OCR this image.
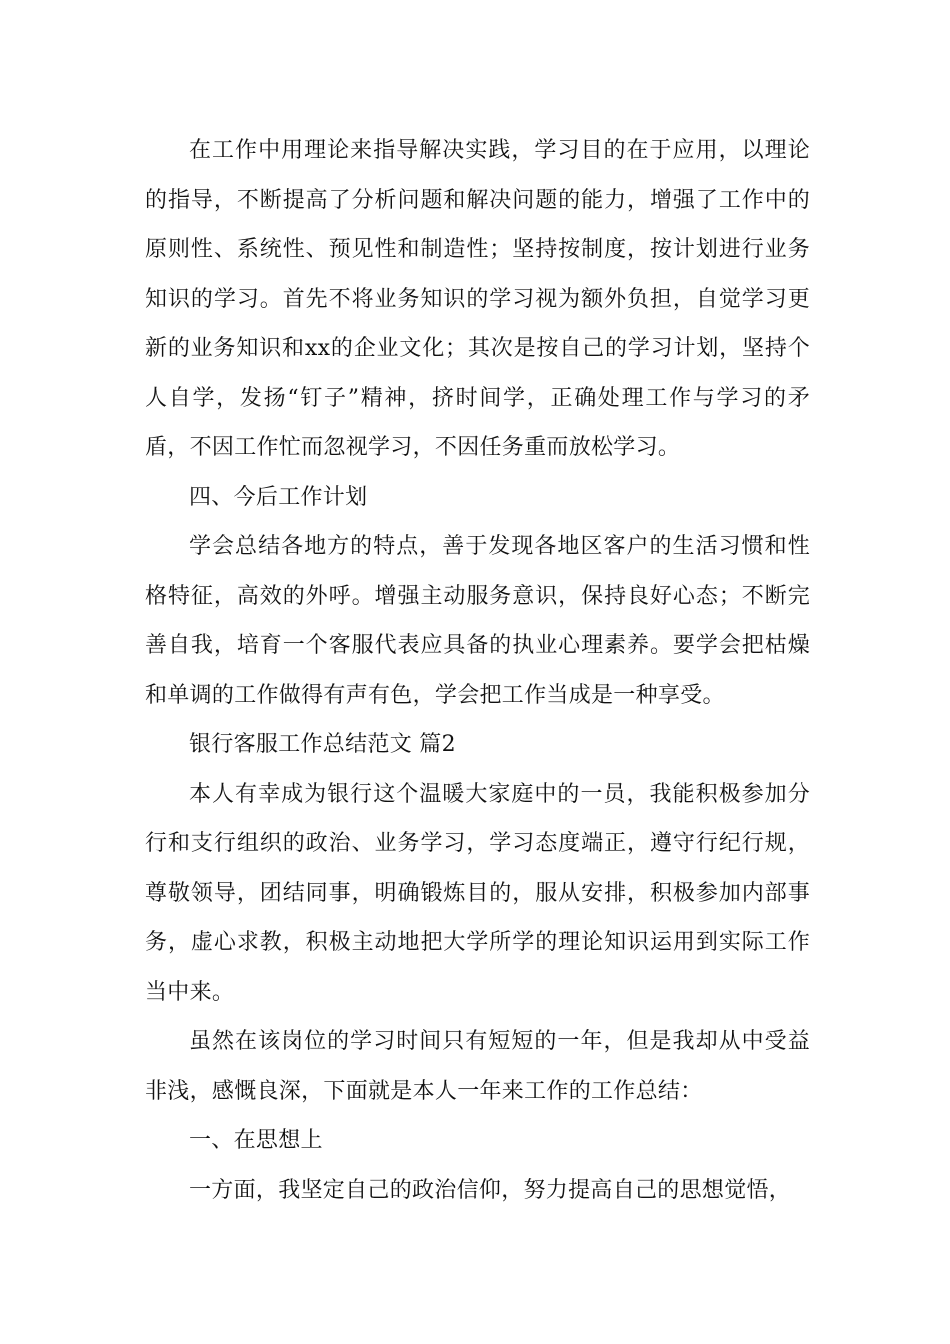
在工作中用理论来指导解决实践，学习目的在于应用，以理论的指导，不断提高了分析问题和解决问题的能力，增强了工作中的原则性、系统性、预见性和制造性；坚持按制度，按计划进行业务知识的学习。首先不将业务知识的学习视为额外负担，自觉学习更新的业务知识和xx的企业文化；其次是按自己的学习计划，坚持个人自学，发扬“钉子”精神，挤时间学，正确处理工作与学习的矛盾，不因工作忙而忽视学习，不因任务重而放松学习。

四、今后工作计划

学会总结各地方的特点，善于发现各地区客户的生活习惯和性格特征，高效的外呼。增强主动服务意识，保持良好心态；不断完善自我，培育一个客服代表应具备的执业心理素养。要学会把枯燥和单调的工作做得有声有色，学会把工作当成是一种享受。

银行客服工作总结范文 篇2

本人有幸成为银行这个温暖大家庭中的一员，我能积极参加分行和支行组织的政治、业务学习，学习态度端正，遵守行纪行规，尊敬领导，团结同事，明确锻炼目的，服从安排，积极参加内部事务，虚心求教，积极主动地把大学所学的理论知识运用到实际工作当中来。

虽然在该岗位的学习时间只有短短的一年，但是我却从中受益非浅，感慨良深，下面就是本人一年来工作的工作总结：

一、在思想上

一方面，我坚定自己的政治信仰，努力提高自己的思想觉悟，
